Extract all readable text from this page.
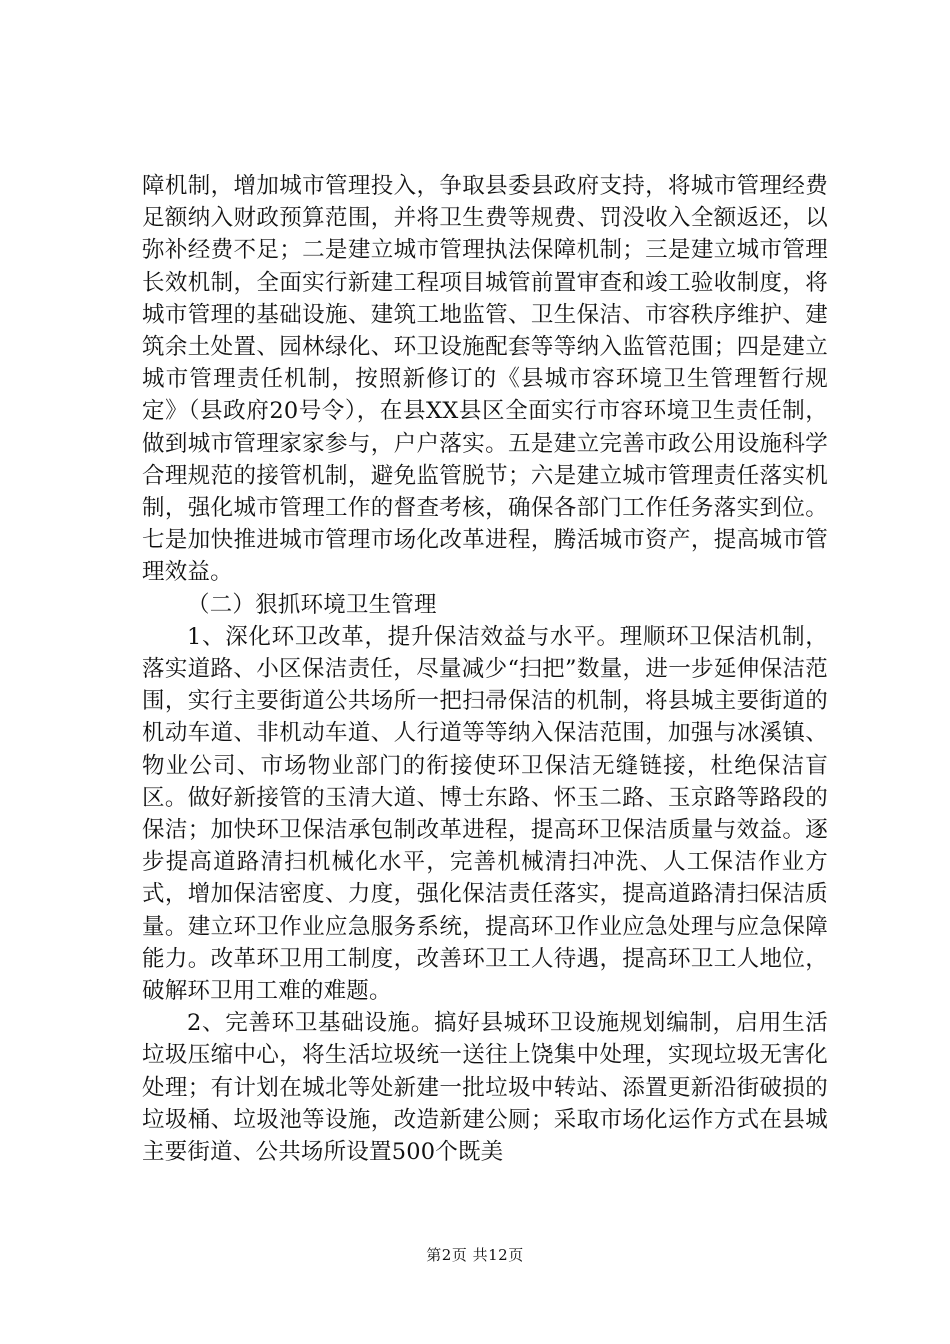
障机制，增加城市管理投入，争取县委县政府支持，将城市管理经费足额纳入财政预算范围，并将卫生费等规费、罚没收入全额返还，以弥补经费不足；二是建立城市管理执法保障机制；三是建立城市管理长效机制，全面实行新建工程项目城管前置审查和竣工验收制度，将城市管理的基础设施、建筑工地监管、卫生保洁、市容秩序维护、建筑余土处置、园林绿化、环卫设施配套等等纳入监管范围；四是建立城市管理责任机制，按照新修订的《县城市容环境卫生管理暂行规定》（县政府20号令），在县XX县区全面实行市容环境卫生责任制，做到城市管理家家参与，户户落实。五是建立完善市政公用设施科学合理规范的接管机制，避免监管脱节；六是建立城市管理责任落实机制，强化城市管理工作的督查考核，确保各部门工作任务落实到位。七是加快推进城市管理市场化改革进程，腾活城市资产，提高城市管理效益。

（二）狠抓环境卫生管理

1、深化环卫改革，提升保洁效益与水平。理顺环卫保洁机制，落实道路、小区保洁责任，尽量减少“扫把”数量，进一步延伸保洁范围，实行主要街道公共场所一把扫帚保洁的机制，将县城主要街道的机动车道、非机动车道、人行道等等纳入保洁范围，加强与冰溪镇、物业公司、市场物业部门的衔接使环卫保洁无缝链接，杜绝保洁盲区。做好新接管的玉清大道、博士东路、怀玉二路、玉京路等路段的保洁；加快环卫保洁承包制改革进程，提高环卫保洁质量与效益。逐步提高道路清扫机械化水平，完善机械清扫冲洗、人工保洁作业方式，增加保洁密度、力度，强化保洁责任落实，提高道路清扫保洁质量。建立环卫作业应急服务系统，提高环卫作业应急处理与应急保障能力。改革环卫用工制度，改善环卫工人待遇，提高环卫工人地位，破解环卫用工难的难题。

2、完善环卫基础设施。搞好县城环卫设施规划编制，启用生活垃圾压缩中心，将生活垃圾统一送往上饶集中处理，实现垃圾无害化处理；有计划在城北等处新建一批垃圾中转站、添置更新沿街破损的垃圾桶、垃圾池等设施，改造新建公厕；采取市场化运作方式在县城主要街道、公共场所设置500个既美

第2页 共12页
